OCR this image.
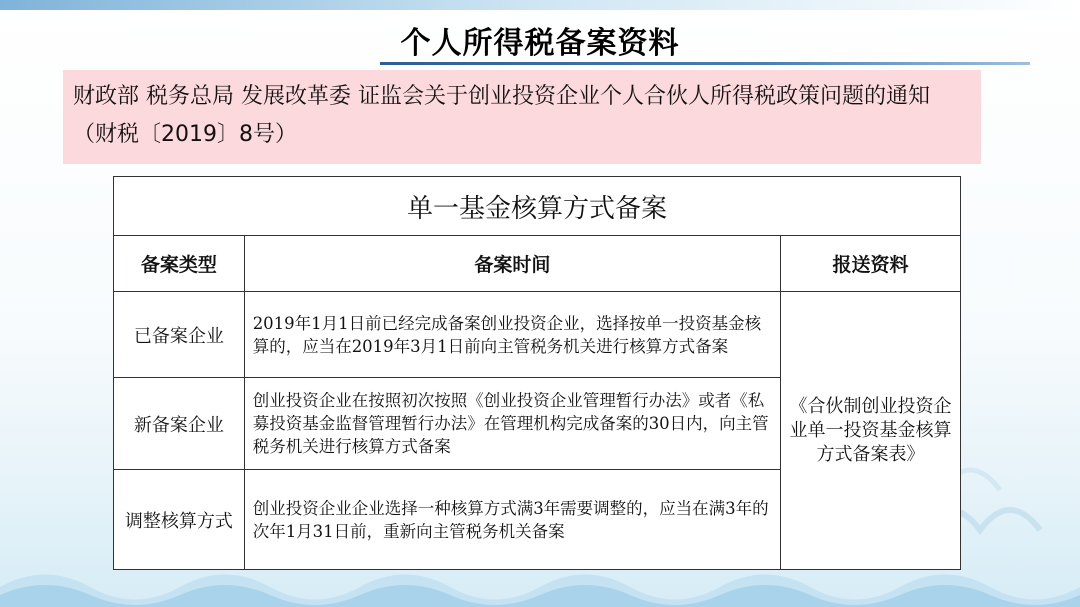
个人所得税备案资料
财政部 税务总局 发展改革委 证监会关于创业投资企业个人合伙人所得税政策问题的通知（财税〔2019〕8号）
单一基金核算方式备案		
备案类型	备案时间	报送资料
已备案企业	2019年1月1日前已经完成备案创业投资企业，选择按单一投资基金核算的，应当在2019年3月1日前向主管税务机关进行核算方式备案	《合伙制创业投资企业单一投资基金核算方式备案表》
新备案企业	创业投资企业在按照初次按照《创业投资企业管理暂行办法》或者《私募投资基金监督管理暂行办法》在管理机构完成备案的30日内，向主管税务机关进行核算方式备案	
调整核算方式	创业投资企业企业选择一种核算方式满3年需要调整的，应当在满3年的次年1月31日前，重新向主管税务机关备案	
